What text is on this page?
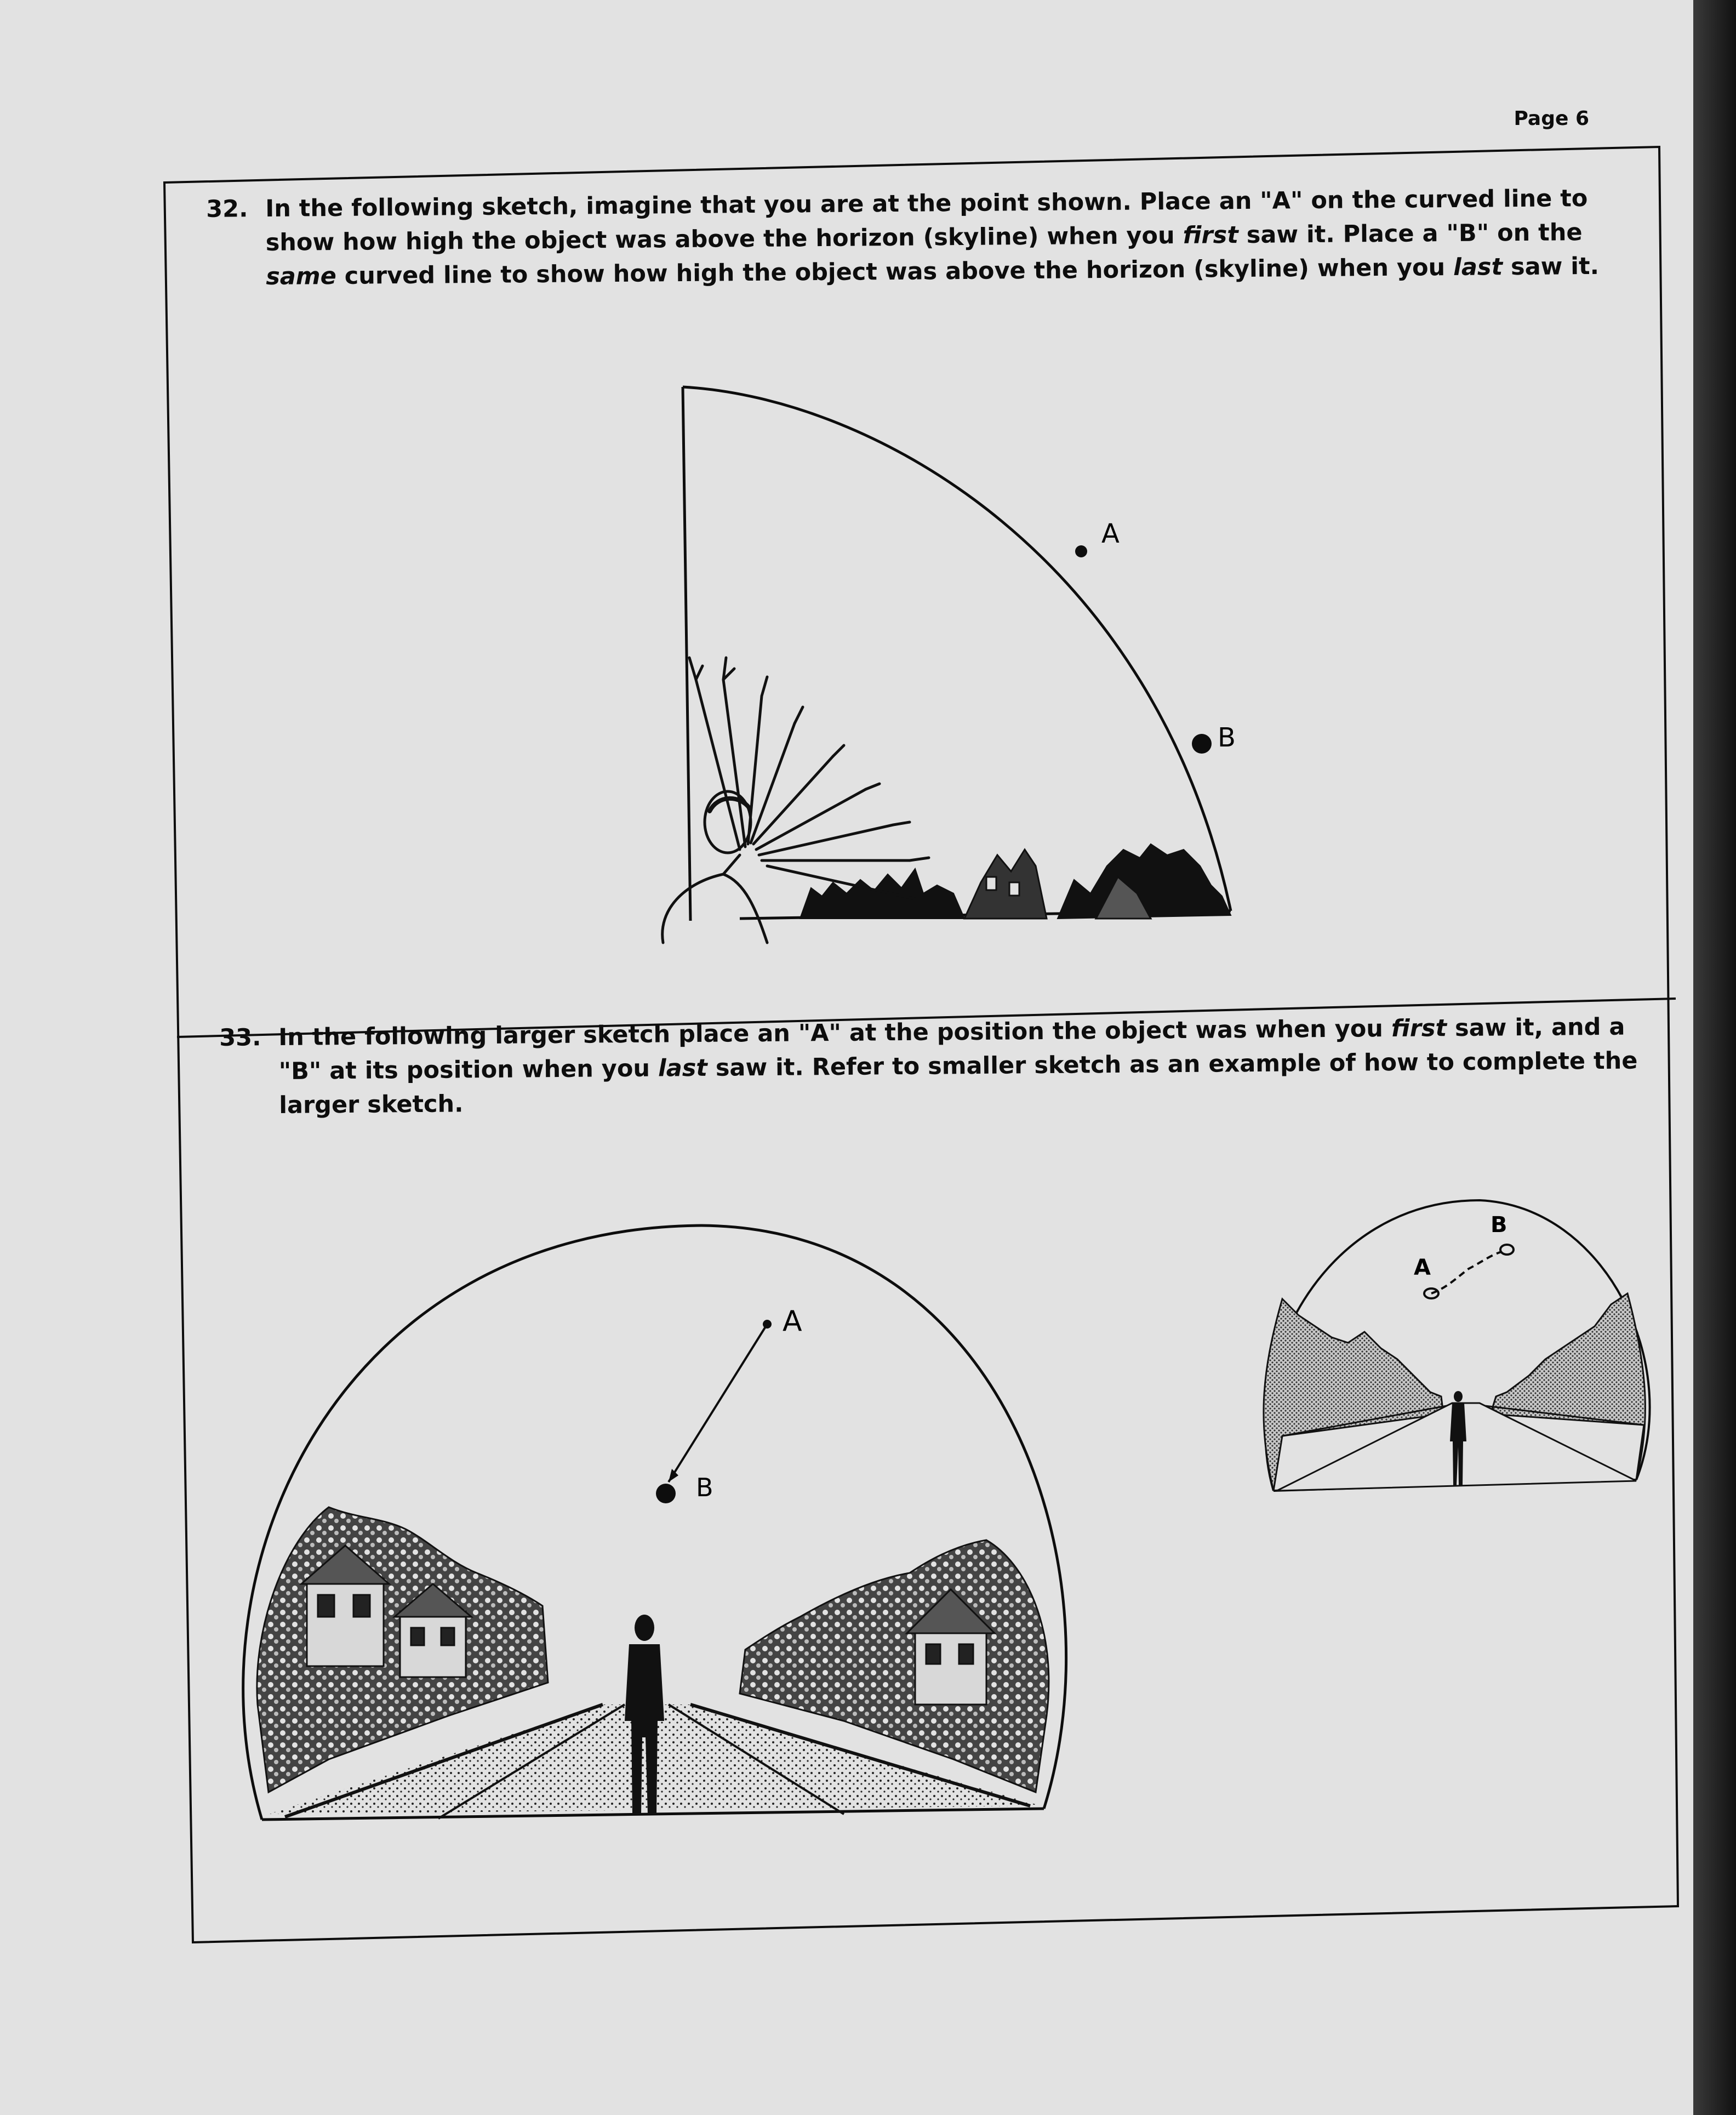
Page 6

32. In the following sketch, imagine that you are at the point shown. Place an "A" on the curved line to show how high the object was above the horizon (skyline) when you first saw it. Place a "B" on the same curved line to show how high the object was above the horizon (skyline) when you last saw it.
A
B
33. In the following larger sketch place an "A" at the position the object was when you first saw it, and a "B" at its position when you last saw it. Refer to smaller sketch as an example of how to complete the larger sketch.
A
B
A
B
